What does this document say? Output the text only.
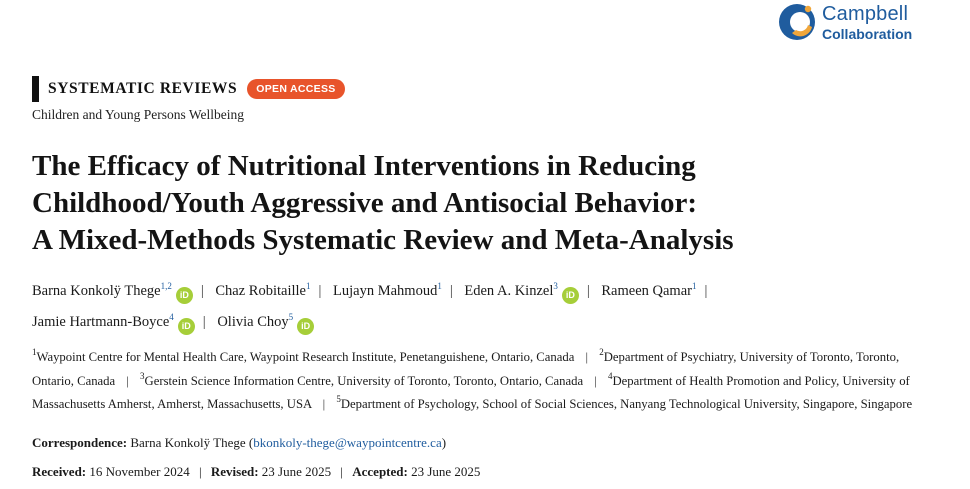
Campbell
Collaboration
SYSTEMATIC REVIEWS	OPEN ACCESS
Children and Young Persons Wellbeing
The Efficacy of Nutritional Interventions in Reducing
Childhood/Youth Aggressive and Antisocial Behavior:
A Mixed-Methods Systematic Review and Meta-Analysis
Barna Konkolÿ Thege$^{1,2}$iD | Chaz Robitaille$^1$ | Lujayn Mahmoud$^1$ | Eden A. Kinzel$^3$iD | Rameen Qamar$^1$ |
Jamie Hartmann-Boyce$^4$iD | Olivia Choy$^5$iD
$^1$Waypoint Centre for Mental Health Care, Waypoint Research Institute, Penetanguishene, Ontario, Canada | $^2$Department of Psychiatry, University of Toronto, Toronto, Ontario, Canada | $^3$Gerstein Science Information Centre, University of Toronto, Toronto, Ontario, Canada | $^4$Department of Health Promotion and Policy, University of Massachusetts Amherst, Amherst, Massachusetts, USA | $^5$Department of Psychology, School of Social Sciences, Nanyang Technological University, Singapore, Singapore
Correspondence: Barna Konkolÿ Thege (bkonkoly-thege@waypointcentre.ca)
Received: 16 November 2024 | Revised: 23 June 2025 | Accepted: 23 June 2025
